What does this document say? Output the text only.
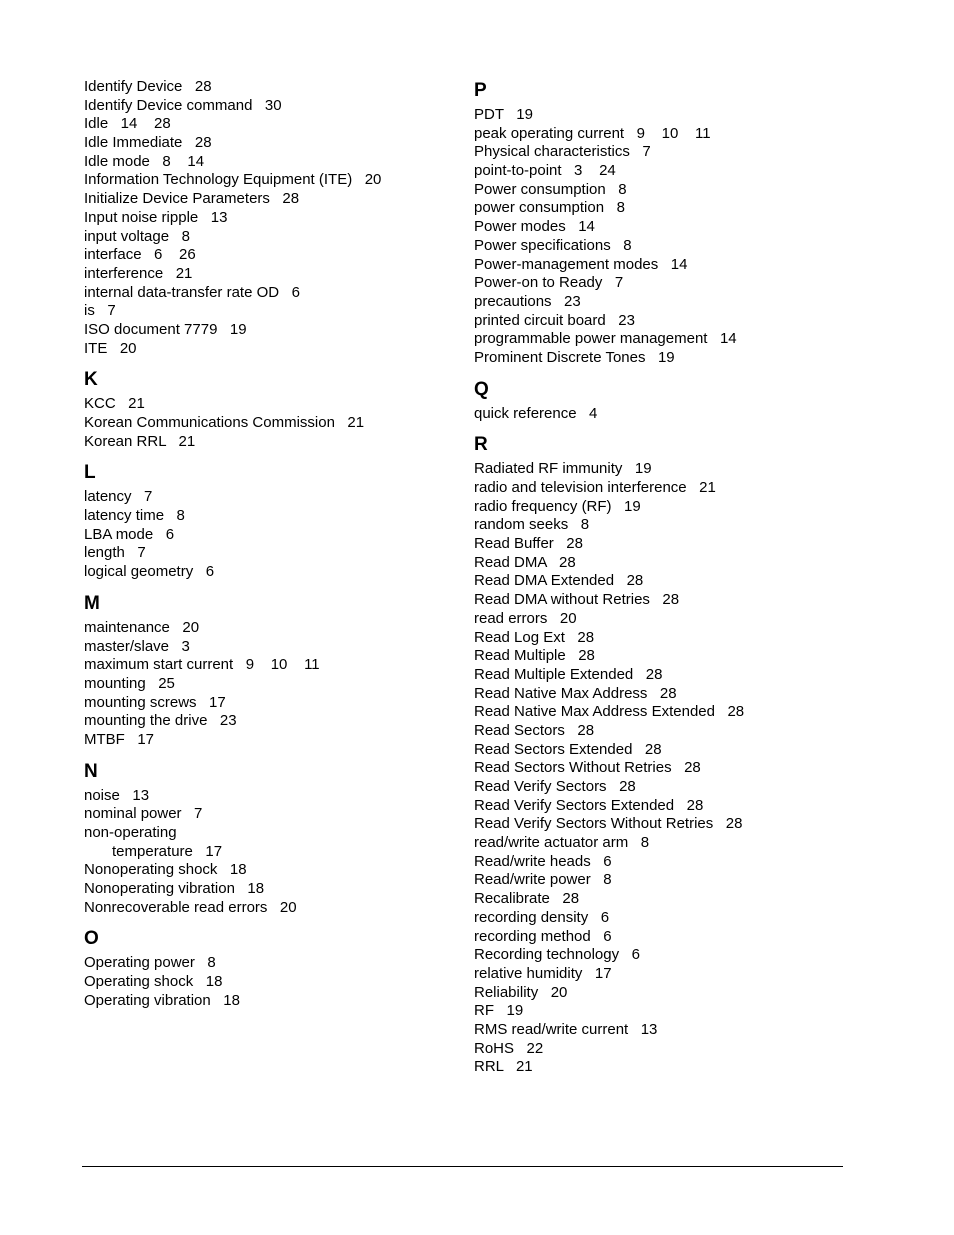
Identify Device   28
Identify Device command   30
Idle   14    28
Idle Immediate   28
Idle mode   8    14
Information Technology Equipment (ITE)   20
Initialize Device Parameters   28
Input noise ripple   13
input voltage   8
interface   6    26
interference   21
internal data-transfer rate OD   6
is   7
ISO document 7779   19
ITE   20
K
KCC   21
Korean Communications Commission   21
Korean RRL   21
L
latency   7
latency time   8
LBA mode   6
length   7
logical geometry   6
M
maintenance   20
master/slave   3
maximum start current   9    10    11
mounting   25
mounting screws   17
mounting the drive   23
MTBF   17
N
noise   13
nominal power   7
non-operating
temperature   17
Nonoperating shock   18
Nonoperating vibration   18
Nonrecoverable read errors   20
O
Operating power   8
Operating shock   18
Operating vibration   18
P
PDT   19
peak operating current   9    10    11
Physical characteristics   7
point-to-point   3    24
Power consumption   8
power consumption   8
Power modes   14
Power specifications   8
Power-management modes   14
Power-on to Ready   7
precautions   23
printed circuit board   23
programmable power management   14
Prominent Discrete Tones   19
Q
quick reference   4
R
Radiated RF immunity   19
radio and television interference   21
radio frequency (RF)   19
random seeks   8
Read Buffer   28
Read DMA   28
Read DMA Extended   28
Read DMA without Retries   28
read errors   20
Read Log Ext   28
Read Multiple   28
Read Multiple Extended   28
Read Native Max Address   28
Read Native Max Address Extended   28
Read Sectors   28
Read Sectors Extended   28
Read Sectors Without Retries   28
Read Verify Sectors   28
Read Verify Sectors Extended   28
Read Verify Sectors Without Retries   28
read/write actuator arm   8
Read/write heads   6
Read/write power   8
Recalibrate   28
recording density   6
recording method   6
Recording technology   6
relative humidity   17
Reliability   20
RF   19
RMS read/write current   13
RoHS   22
RRL   21
